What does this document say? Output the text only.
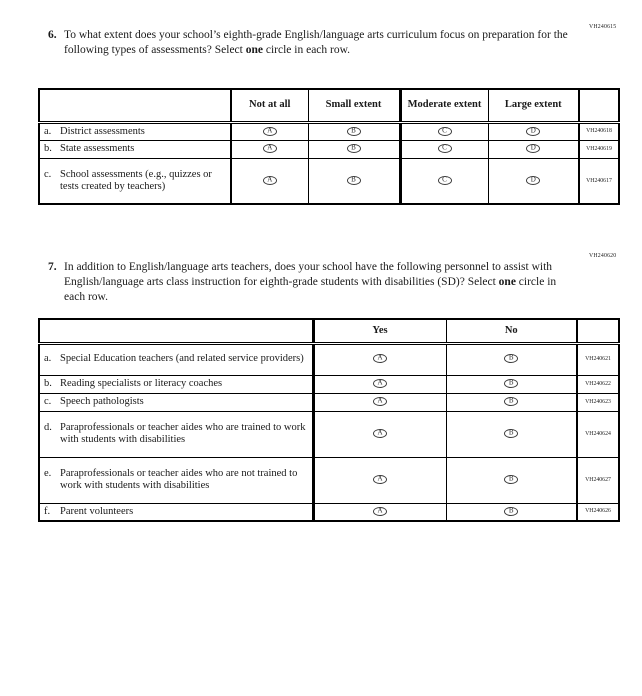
VH240615
6. To what extent does your school’s eighth-grade English/language arts curriculum focus on preparation for the following types of assessments? Select one circle in each row.
	Not at all	Small extent	Moderate extent	Large extent	

a. District assessments	A	B	C	D	VH240618

b. State assessments	A	B	C	D	VH240619

c. School assessments (e.g., quizzes or tests created by teachers)	A	B	C	D	VH240617
VH240620
7. In addition to English/language arts teachers, does your school have the following personnel to assist with English/language arts class instruction for eighth-grade students with disabilities (SD)? Select one circle in each row.
	Yes	No	

a. Special Education teachers (and related service providers)	A	B	VH240621

b. Reading specialists or literacy coaches	A	B	VH240622

c. Speech pathologists	A	B	VH240623

d. Paraprofessionals or teacher aides who are trained to work with students with disabilities	A	B	VH240624

e. Paraprofessionals or teacher aides who are not trained to work with students with disabilities	A	B	VH240627

f. Parent volunteers	A	B	VH240626
